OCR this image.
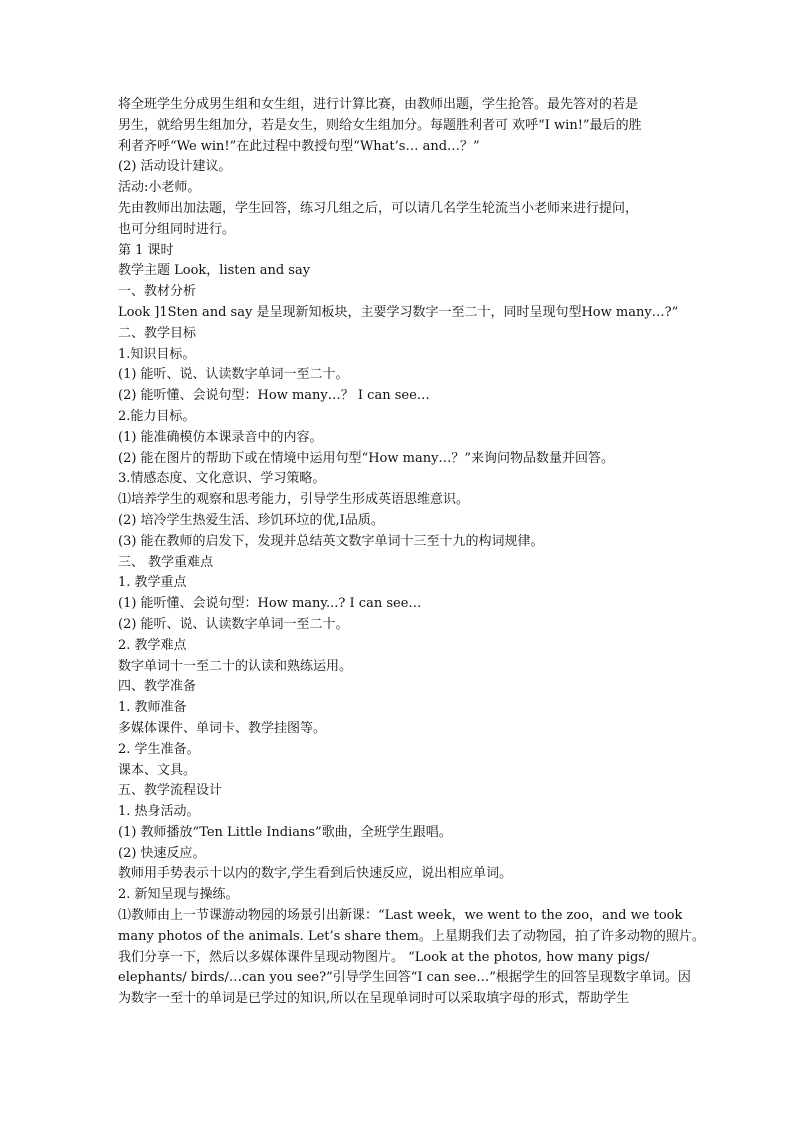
将全班学生分成男生组和女生组，进行计算比赛，由教师出题，学生抢答。最先答对的若是
男生，就给男生组加分，若是女生，则给女生组加分。每题胜利者可 欢呼“I win!”最后的胜
利者齐呼“We win!”在此过程中教授句型“What’s… and…？”
(2) 活动设计建议。
活动:小老师。
先由教师出加法题，学生回答，练习几组之后，可以请几名学生轮流当小老师来进行提问，
也可分组同时进行。
第 1 课时
教学主题 Look，listen and say
一、教材分析
Look ]1Sten and say 是呈现新知板块，主要学习数字一至二十，同时呈现句型How many…?”
二、教学目标
1.知识目标。
(1) 能听、说、认读数字单词一至二十。
(2) 能听懂、会说句型：How many…？ I can see…
2.能力目标。
(1) 能准确模仿本课录音中的内容。
(2) 能在图片的帮助下或在情境中运用句型“How many…？”来询问物品数量并回答。
3.情感态度、文化意识、学习策略。
⑴培养学生的观察和思考能力，引导学生形成英语思维意识。
(2) 培冷学生热爱生活、珍饥环垃的优,I品质。
(3) 能在教师的启发下，发现并总结英文数字单词十三至十九的构词规律。
三、 教学重难点
1. 教学重点
(1) 能听懂、会说句型：How many...? I can see…
(2) 能听、说、认读数字单词一至二十。
2. 教学难点
数字单词十一至二十的认读和熟练运用。
四、教学准备
1. 教师准备
多媒体课件、单词卡、教学挂图等。
2. 学生准备。
课本、文具。
五、教学流程设计
1. 热身活动。
(1) 教师播放“Ten Little Indians”歌曲，全班学生跟唱。
(2) 快速反应。
教师用手势表示十以内的数字,学生看到后快速反应，说出相应单词。
2. 新知呈现与操练。
⑴教师由上一节课游动物园的场景引出新课：“Last week，we went to the zoo，and we took
many photos of the animals. Let’s share them。上星期我们去了动物园，拍了许多动物的照片。
我们分享一下，然后以多媒体课件呈现动物图片。 “Look at the photos, how many pigs/
elephants/ birds/…can you see?”引导学生回答“I can see…”根据学生的回答呈现数字单词。因
为数字一至十的单词是已学过的知识,所以在呈现单词时可以采取填字母的形式，帮助学生
